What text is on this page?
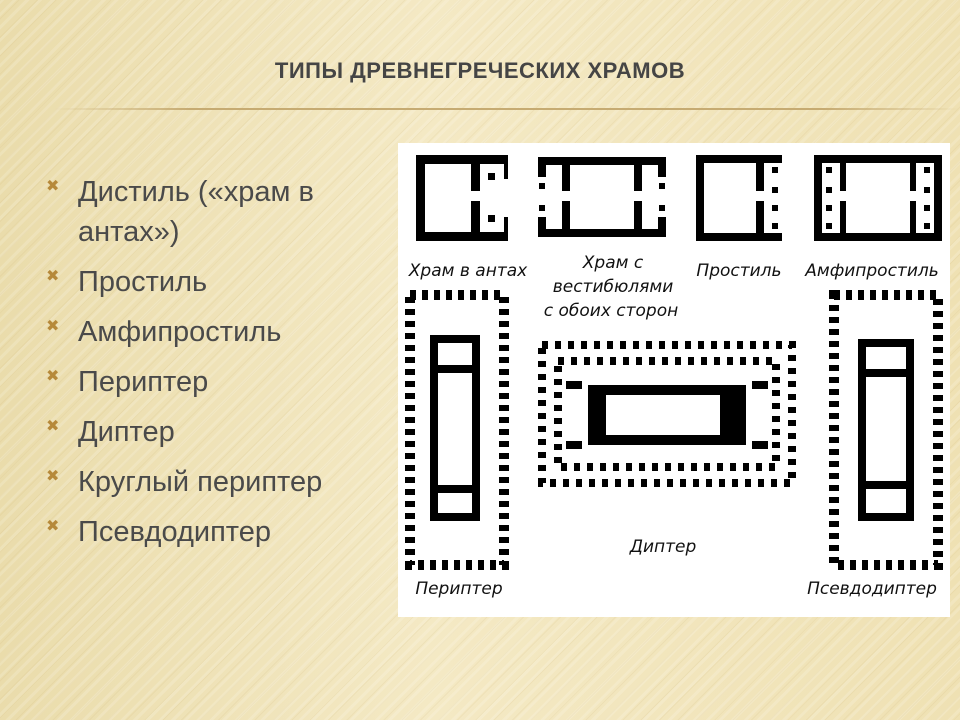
ТИПЫ ДРЕВНЕГРЕЧЕСКИХ ХРАМОВ
✖ Дистиль («храм в антах»)
✖ Простиль
✖ Амфипростиль
✖ Периптер
✖ Диптер
✖ Круглый периптер
✖ Псевдодиптер
Храм в антах	Храм с
вестибюлями
с обоих сторон
Простиль	Амфипростиль
Периптер
Диптер
Псевдодиптер
